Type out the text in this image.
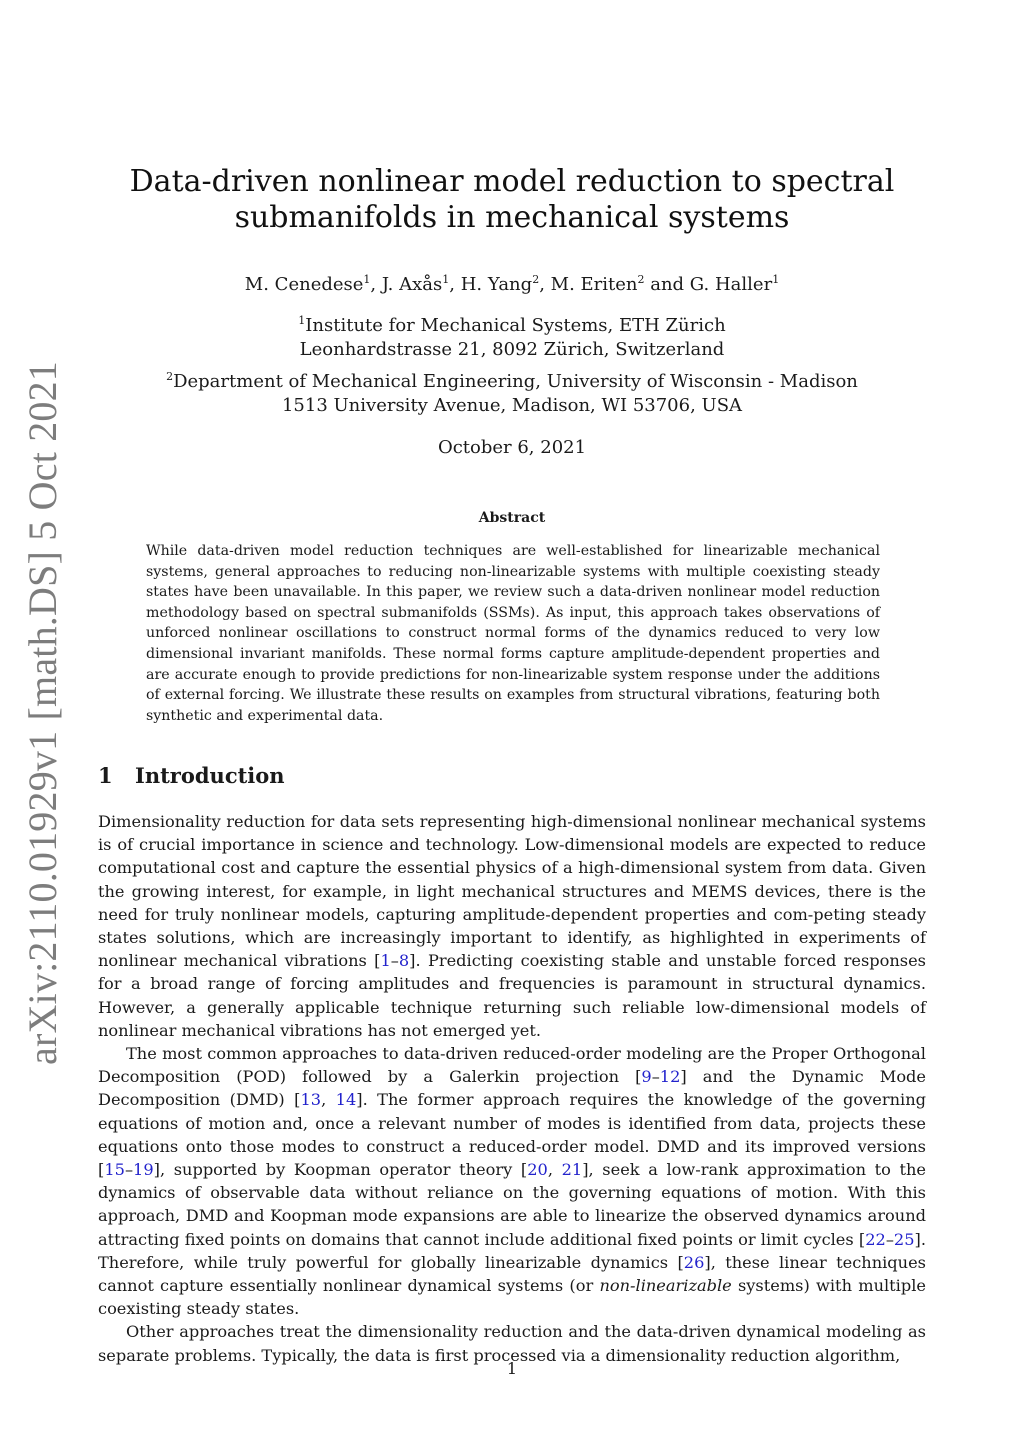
arXiv:2110.01929v1 [math.DS] 5 Oct 2021
Data-driven nonlinear model reduction to spectral
submanifolds in mechanical systems
M. Cenedese$^1$, J. Axås$^1$, H. Yang$^2$, M. Eriten$^2$ and G. Haller$^1$
$^1$Institute for Mechanical Systems, ETH Zürich
Leonhardstrasse 21, 8092 Zürich, Switzerland
$^2$Department of Mechanical Engineering, University of Wisconsin - Madison
1513 University Avenue, Madison, WI 53706, USA
October 6, 2021
Abstract
While data-driven model reduction techniques are well-established for linearizable mechanical systems, general approaches to reducing non-linearizable systems with multiple coexisting steady states have been unavailable. In this paper, we review such a data-driven nonlinear model reduction methodology based on spectral submanifolds (SSMs). As input, this approach takes observations of unforced nonlinear oscillations to construct normal forms of the dynamics reduced to very low dimensional invariant manifolds. These normal forms capture amplitude-dependent properties and are accurate enough to provide predictions for non-linearizable system response under the additions of external forcing. We illustrate these results on examples from structural vibrations, featuring both synthetic and experimental data.
1 Introduction

Dimensionality reduction for data sets representing high-dimensional nonlinear mechanical systems is of crucial importance in science and technology. Low-dimensional models are expected to reduce computational cost and capture the essential physics of a high-dimensional system from data. Given the growing interest, for example, in light mechanical structures and MEMS devices, there is the need for truly nonlinear models, capturing amplitude-dependent properties and com-peting steady states solutions, which are increasingly important to identify, as highlighted in experiments of nonlinear mechanical vibrations [1–8]. Predicting coexisting stable and unstable forced responses for a broad range of forcing amplitudes and frequencies is paramount in structural dynamics. However, a generally applicable technique returning such reliable low-dimensional models of nonlinear mechanical vibrations has not emerged yet.

The most common approaches to data-driven reduced-order modeling are the Proper Orthogonal Decomposition (POD) followed by a Galerkin projection [9–12] and the Dynamic Mode Decomposition (DMD) [13, 14]. The former approach requires the knowledge of the governing equations of motion and, once a relevant number of modes is identified from data, projects these equations onto those modes to construct a reduced-order model. DMD and its improved versions [15–19], supported by Koopman operator theory [20, 21], seek a low-rank approximation to the dynamics of observable data without reliance on the governing equations of motion. With this approach, DMD and Koopman mode expansions are able to linearize the observed dynamics around attracting fixed points on domains that cannot include additional fixed points or limit cycles [22–25]. Therefore, while truly powerful for globally linearizable dynamics [26], these linear techniques cannot capture essentially nonlinear dynamical systems (or non-linearizable systems) with multiple coexisting steady states.

Other approaches treat the dimensionality reduction and the data-driven dynamical modeling as separate problems. Typically, the data is first processed via a dimensionality reduction algorithm,

1
